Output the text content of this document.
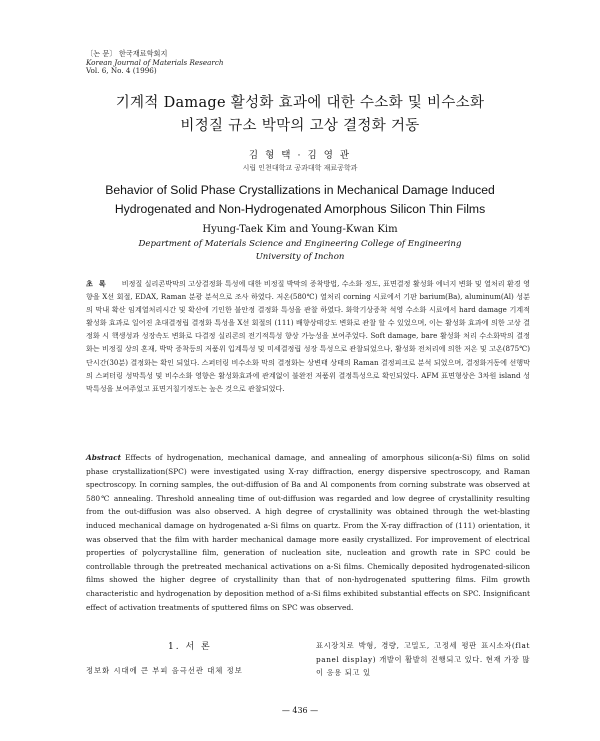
〔논 문〕 한국재료학회지
Korean Journal of Materials Research
Vol. 6, No. 4 (1996)
기계적 Damage 활성화 효과에 대한 수소화 및 비수소화
비정질 규소 박막의 고상 결정화 거동
김 형 택 · 김 영 관
시립 인천대학교 공과대학 재료공학과
Behavior of Solid Phase Crystallizations in Mechanical Damage Induced
Hydrogenated and Non-Hydrogenated Amorphous Silicon Thin Films
Hyung-Taek Kim and Young-Kwan Kim
Department of Materials Science and Engineering College of Engineering
University of Inchon
초록 비정질 실리콘박막의 고상결정화 특성에 대한 비정질 박막의 증착방법, 수소화 정도, 표면결정 활성화 에너지 변화 및 열처리 환경 영향을 X선 회절, EDAX, Raman 분광 분석으로 조사 하였다. 저온(580℃) 열처리 corning 시료에서 기판 barium(Ba), aluminum(Al) 성분의 막내 확산 임계열처리시간 및 확산에 기인한 불안정 결정화 특성을 관찰 하였다. 화학기상증착 석영 수소화 시료에서 hard damage 기계적 활성화 효과로 일어진 초대결정립 결정화 특성을 X선 회절의 (111) 배향상태강도 변화로 관찰 할 수 있었으며, 이는 활성화 효과에 의한 고상 결정화 시 핵생성과 성장속도 변화로 다결정 실리콘의 전기적특성 향상 가능성을 보여주었다. Soft damage, bare 활성화 처리 수소화막의 결정화는 비정질 상의 혼재, 박막 증착등의 저품위 입계특성 및 미세결정립 성장 특성으로 관찰되었으나, 활성화 전처리에 의한 저온 및 고온(875℃) 단시간(30분) 결정화는 확인 되었다. 스퍼터링 비수소화 막의 결정화는 상변태 상태의 Raman 결정피크로 분석 되었으며, 결정화거동에 선행막의 스퍼터링 성막특성 및 비수소화 영향은 활성화효과에 관계없이 불완전 저품위 결정특성으로 확인되었다. AFM 표면형상은 3차원 island 성막특성을 보여주었고 표면거칠기정도는 높은 것으로 관찰되었다.
Abstract Effects of hydrogenation, mechanical damage, and annealing of amorphous silicon(a-Si) films on solid phase crystallization(SPC) were investigated using X-ray diffraction, energy dispersive spectroscopy, and Raman spectroscopy. In corning samples, the out-diffusion of Ba and Al components from corning substrate was observed at 580℃ annealing. Threshold annealing time of out-diffusion was regarded and low degree of crystallinity resulting from the out-diffusion was also observed. A high degree of crystallinity was obtained through the wet-blasting induced mechanical damage on hydrogenated a-Si films on quartz. From the X-ray diffraction of (111) orientation, it was observed that the film with harder mechanical damage more easily crystallized. For improvement of electrical properties of polycrystalline film, generation of nucleation site, nucleation and growth rate in SPC could be controllable through the pretreated mechanical activations on a-Si films. Chemically deposited hydrogenated-silicon films showed the higher degree of crystallinity than that of non-hydrogenated sputtering films. Film growth characteristic and hydrogenation by deposition method of a-Si films exhibited substantial effects on SPC. Insignificant effect of activation treatments of sputtered films on SPC was observed.
1. 서 론
정보화 시대에 큰 부피 음극선관 대체 정보
표시장치로 박형, 경량, 고밀도, 고정세 평판 표시소자(flat panel display) 개발이 활발히 진행되고 있다. 현재 가장 많이 응용 되고 있
— 436 —
